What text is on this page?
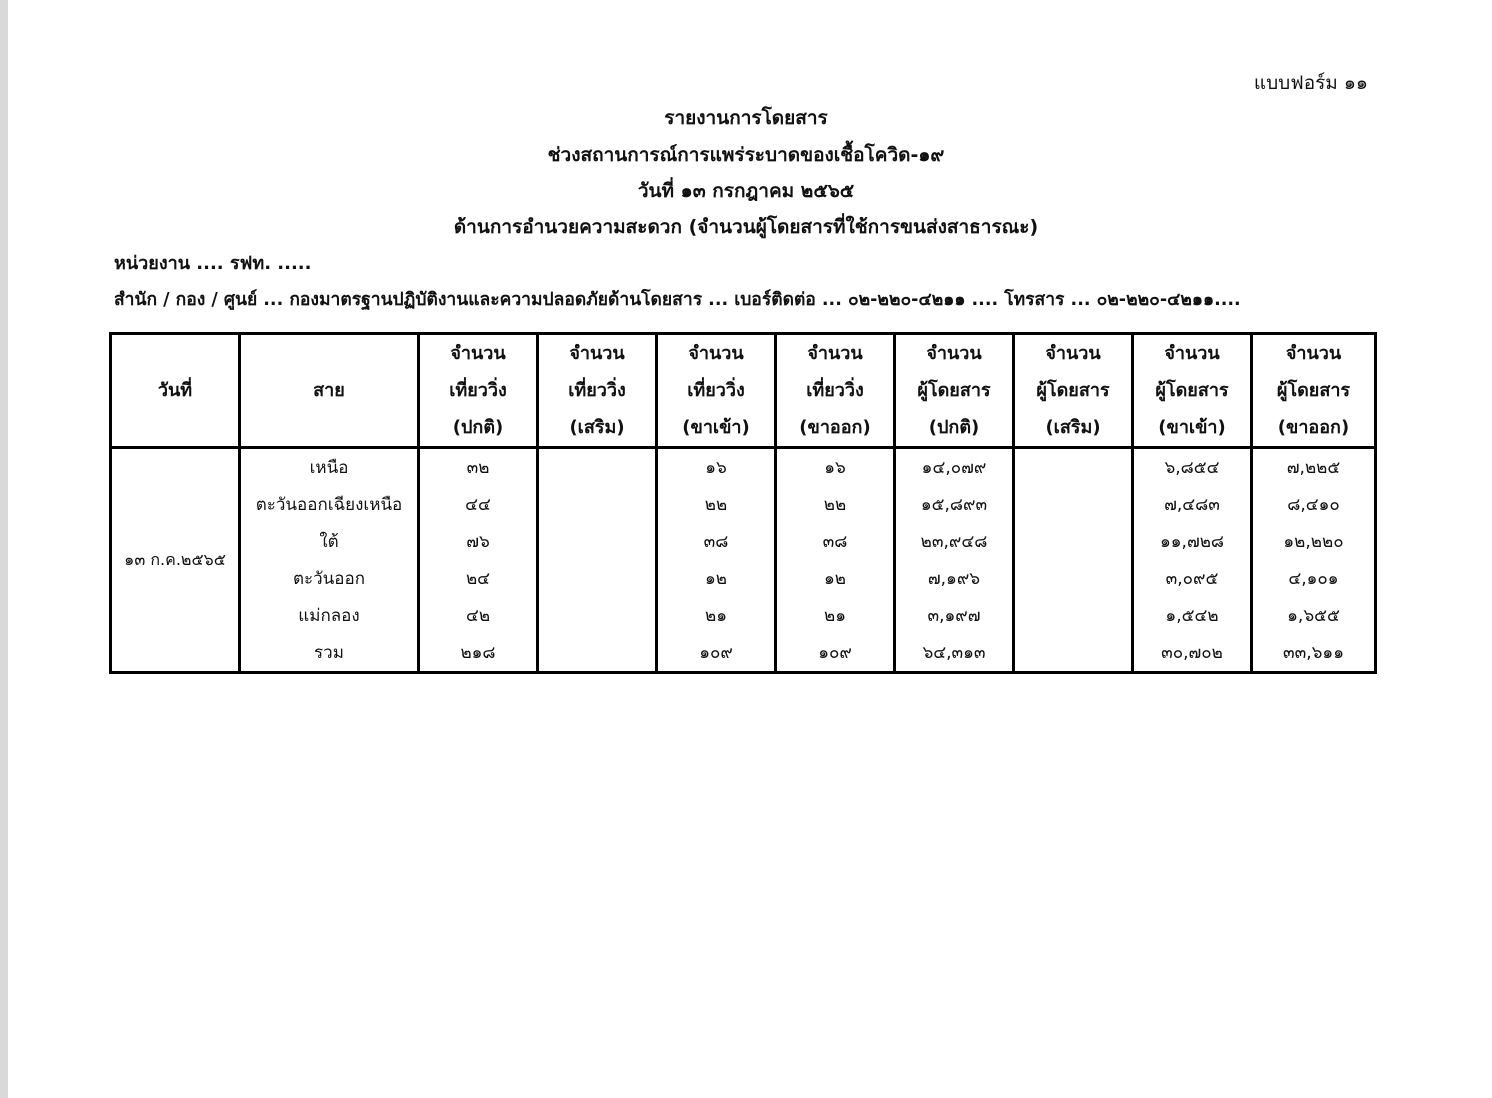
แบบฟอร์ม ๑๑
รายงานการโดยสาร
ช่วงสถานการณ์การแพร่ระบาดของเชื้อโควิด-๑๙
วันที่ ๑๓ กรกฎาคม ๒๕๖๕
ด้านการอำนวยความสะดวก (จำนวนผู้โดยสารที่ใช้การขนส่งสาธารณะ)
หน่วยงาน .... รฟท. .....
สำนัก / กอง / ศูนย์ ... กองมาตรฐานปฏิบัติงานและความปลอดภัยด้านโดยสาร ... เบอร์ติดต่อ ... ๐๒-๒๒๐-๔๒๑๑ .... โทรสาร ... ๐๒-๒๒๐-๔๒๑๑....
วันที่	สาย	จำนวน
เที่ยววิ่ง
(ปกติ)	จำนวน
เที่ยววิ่ง
(เสริม)	จำนวน
เที่ยววิ่ง
(ขาเข้า)	จำนวน
เที่ยววิ่ง
(ขาออก)	จำนวน
ผู้โดยสาร
(ปกติ)	จำนวน
ผู้โดยสาร
(เสริม)	จำนวน
ผู้โดยสาร
(ขาเข้า)	จำนวน
ผู้โดยสาร
(ขาออก)

๑๓ ก.ค.๒๕๖๕	เหนือ	๓๒		๑๖	๑๖	๑๔,๐๗๙		๖,๘๕๔	๗,๒๒๕
	ตะวันออกเฉียงเหนือ	๔๔		๒๒	๒๒	๑๕,๘๙๓		๗,๔๘๓	๘,๔๑๐
	ใต้	๗๖		๓๘	๓๘	๒๓,๙๔๘		๑๑,๗๒๘	๑๒,๒๒๐
	ตะวันออก	๒๔		๑๒	๑๒	๗,๑๙๖		๓,๐๙๕	๔,๑๐๑
	แม่กลอง	๔๒		๒๑	๒๑	๓,๑๙๗		๑,๕๔๒	๑,๖๕๕
	รวม	๒๑๘		๑๐๙	๑๐๙	๖๔,๓๑๓		๓๐,๗๐๒	๓๓,๖๑๑
